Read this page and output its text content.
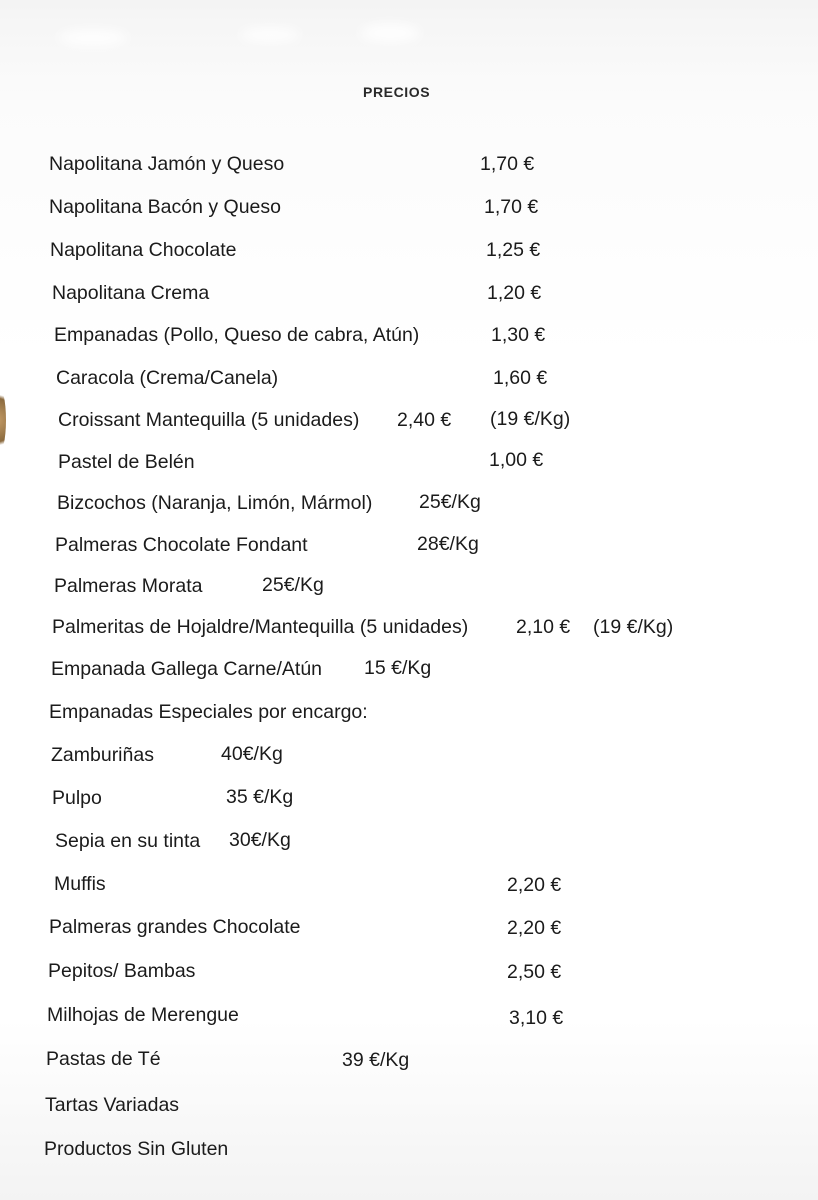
PRECIOS
Napolitana Jamón y Queso	1,70 €
Napolitana Bacón y Queso	1,70 €
Napolitana Chocolate	1,25 €
Napolitana Crema	1,20 €
Empanadas (Pollo, Queso de cabra, Atún)	1,30 €
Caracola (Crema/Canela)	1,60 €
Croissant Mantequilla (5 unidades) 2,40 € (19 €/Kg)
Pastel de Belén	1,00 €
Bizcochos (Naranja, Limón, Mármol) 25€/Kg
Palmeras Chocolate Fondant	28€/Kg
Palmeras Morata	25€/Kg
Palmeritas de Hojaldre/Mantequilla (5 unidades) 2,10 € (19 €/Kg)
Empanada Gallega Carne/Atún 15 €/Kg
Empanadas Especiales por encargo:
Zamburiñas	40€/Kg
Pulpo	35 €/Kg
Sepia en su tinta 30€/Kg
Muffis	2,20 €
Palmeras grandes Chocolate	2,20 €
Pepitos/ Bambas	2,50 €
Milhojas de Merengue	3,10 €
Pastas de Té	39 €/Kg
Tartas Variadas
Productos Sin Gluten
